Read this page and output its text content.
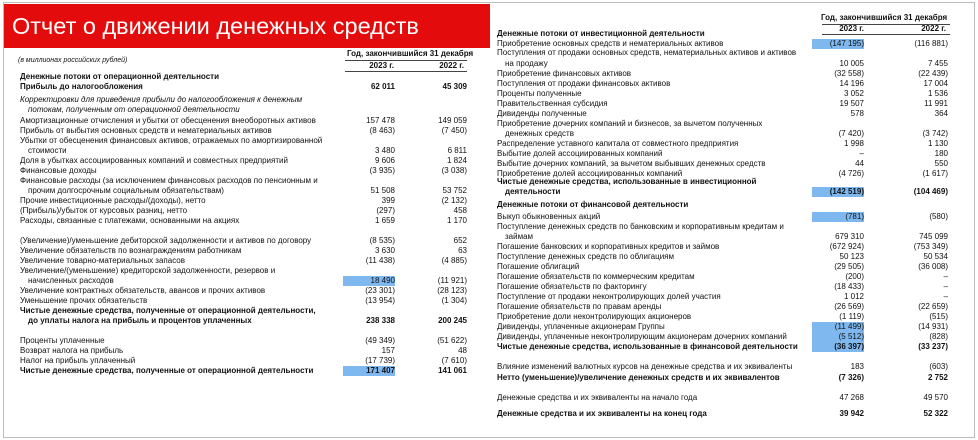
Отчет о движении денежных средств
(в миллионах российских рублей)
Год, закончившийся 31 декабря
2023 г.	2022 г.
Денежные потоки от операционной деятельности
Прибыль до налогообложения	62 011	45 309
Корректировки для приведения прибыли до налогообложения к денежным
потокам, полученным от операционной деятельности
Амортизационные отчисления и убытки от обесценения внеоборотных активов	157 478	149 059
Прибыль от выбытия основных средств и нематериальных активов	(8 463)	(7 450)
Убытки от обесценения финансовых активов, отражаемых по амортизированной
стоимости	3 480	6 811
Доля в убытках ассоциированных компаний и совместных предприятий	9 606	1 824
Финансовые доходы	(3 935)	(3 038)
Финансовые расходы (за исключением финансовых расходов по пенсионным и
прочим долгосрочным социальным обязательствам)	51 508	53 752
Прочие инвестиционные расходы/(доходы), нетто	399	(2 132)
(Прибыль)/убыток от курсовых разниц, нетто	(297)	458
Расходы, связанные с платежами, основанными на акциях	1 659	1 170
(Увеличение)/уменьшение дебиторской задолженности и активов по договору	(8 535)	652
Увеличение обязательств по вознаграждениям работникам	3 630	63
Увеличение товарно-материальных запасов	(11 438)	(4 885)
Увеличение/(уменьшение) кредиторской задолженности, резервов и
начисленных расходов	18 490	(11 921)
Увеличение контрактных обязательств, авансов и прочих активов	(23 301)	(28 123)
Уменьшение прочих обязательств	(13 954)	(1 304)
Чистые денежные средства, полученные от операционной деятельности,
до уплаты налога на прибыль и процентов уплаченных	238 338	200 245
Проценты уплаченные	(49 349)	(51 622)
Возврат налога на прибыль	157	48
Налог на прибыль уплаченный	(17 739)	(7 610)
Чистые денежные средства, полученные от операционной деятельности	171 407	141 061
Год, закончившийся 31 декабря
2023 г.	2022 г.
Денежные потоки от инвестиционной деятельности
Приобретение основных средств и нематериальных активов	(147 195)	(116 881)
Поступления от продажи основных средств, нематериальных активов и активов
на продажу	10 005	7 455
Приобретение финансовых активов	(32 558)	(22 439)
Поступления от продажи финансовых активов	14 196	17 004
Проценты полученные	3 052	1 536
Правительственная субсидия	19 507	11 991
Дивиденды полученные	578	364
Приобретение дочерних компаний и бизнесов, за вычетом полученных
денежных средств	(7 420)	(3 742)
Распределение уставного капитала от совместного предприятия	1 998	1 130
Выбытие долей ассоциированных компаний	–	180
Выбытие дочерних компаний, за вычетом выбывших денежных средств	44	550
Приобретение долей ассоциированных компаний	(4 726)	(1 617)
Чистые денежные средства, использованные в инвестиционной
деятельности	(142 519)	(104 469)
Денежные потоки от финансовой деятельности
Выкуп обыкновенных акций	(781)	(580)
Поступление денежных средств по банковским и корпоративным кредитам и
займам	679 310	745 099
Погашение банковских и корпоративных кредитов и займов	(672 924)	(753 349)
Поступление денежных средств по облигациям	50 123	50 534
Погашение облигаций	(29 505)	(36 008)
Погашение обязательств по коммерческим кредитам	(200)	–
Погашение обязательств по факторингу	(18 433)	–
Поступление от продажи неконтролирующих долей участия	1 012	–
Погашение обязательств по правам аренды	(26 569)	(22 659)
Приобретение доли неконтролирующих акционеров	(1 119)	(515)
Дивиденды, уплаченные акционерам Группы	(11 499)	(14 931)
Дивиденды, уплаченные неконтролирующим акционерам дочерних компаний	(5 512)	(828)
Чистые денежные средства, использованные в финансовой деятельности	(36 397)	(33 237)
Влияние изменений валютных курсов на денежные средства и их эквиваленты	183	(603)
Нетто (уменьшение)/увеличение денежных средств и их эквивалентов	(7 326)	2 752
Денежные средства и их эквиваленты на начало года	47 268	49 570
Денежные средства и их эквиваленты на конец года	39 942	52 322
